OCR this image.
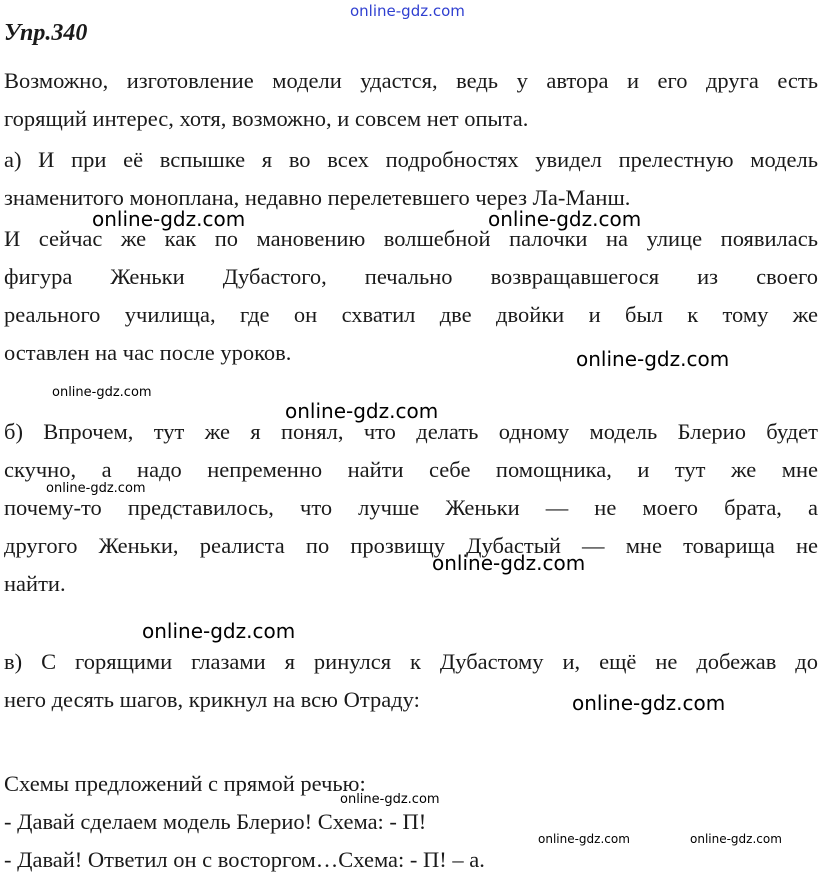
online-gdz.com
Упр.340
Возможно, изготовление модели удастся, ведь у автора и его друга есть
горящий интерес, хотя, возможно, и совсем нет опыта.
а) И при её вспышке я во всех подробностях увидел прелестную модель
знаменитого моноплана, недавно перелетевшего через Ла-Манш.
И сейчас же как по мановению волшебной палочки на улице появилась
фигура Женьки Дубастого, печально возвращавшегося из своего
реального училища, где он схватил две двойки и был к тому же
оставлен на час после уроков.
б) Впрочем, тут же я понял, что делать одному модель Блерио будет
скучно, а надо непременно найти себе помощника, и тут же мне
почему-то представилось, что лучше Женьки — не моего брата, а
другого Женьки, реалиста по прозвищу Дубастый — мне товарища не
найти.
в) С горящими глазами я ринулся к Дубастому и, ещё не добежав до
него десять шагов, крикнул на всю Отраду:
Схемы предложений с прямой речью:
- Давай сделаем модель Блерио! Схема: - П!
- Давай! Ответил он с восторгом…Схема: - П! – а.
online-gdz.com	online-gdz.com
online-gdz.com
online-gdz.com
online-gdz.com
online-gdz.com
online-gdz.com
online-gdz.com
online-gdz.com
online-gdz.com
online-gdz.com	online-gdz.com
